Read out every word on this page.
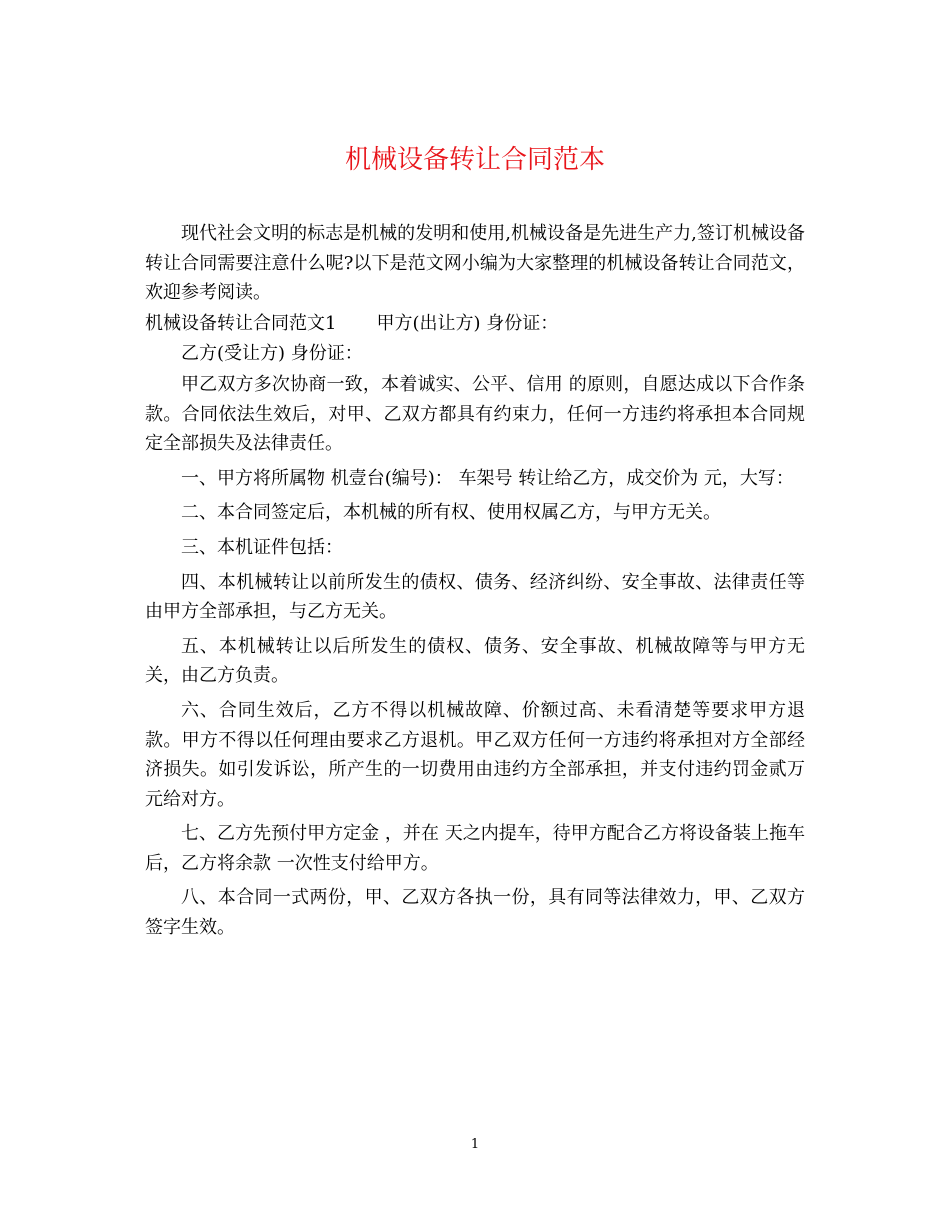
机械设备转让合同范本

现代社会文明的标志是机械的发明和使用,机械设备是先进生产力,签订机械设备转让合同需要注意什么呢?以下是范文网小编为大家整理的机械设备转让合同范文，欢迎参考阅读。

机械设备转让合同范文1 甲方(出让方) 身份证：

乙方(受让方) 身份证：

甲乙双方多次协商一致，本着诚实、公平、信用 的原则，自愿达成以下合作条款。合同依法生效后，对甲、乙双方都具有约束力，任何一方违约将承担本合同规定全部损失及法律责任。

一、甲方将所属物 机壹台(编号)： 车架号 转让给乙方，成交价为 元，大写：

二、本合同签定后，本机械的所有权、使用权属乙方，与甲方无关。

三、本机证件包括：

四、本机械转让以前所发生的债权、债务、经济纠纷、安全事故、法律责任等由甲方全部承担，与乙方无关。

五、本机械转让以后所发生的债权、债务、安全事故、机械故障等与甲方无关，由乙方负责。

六、合同生效后，乙方不得以机械故障、价额过高、未看清楚等要求甲方退款。甲方不得以任何理由要求乙方退机。甲乙双方任何一方违约将承担对方全部经济损失。如引发诉讼，所产生的一切费用由违约方全部承担，并支付违约罚金贰万元给对方。

七、乙方先预付甲方定金 ，并在 天之内提车，待甲方配合乙方将设备装上拖车后，乙方将余款 一次性支付给甲方。

八、本合同一式两份，甲、乙双方各执一份，具有同等法律效力，甲、乙双方签字生效。

1
